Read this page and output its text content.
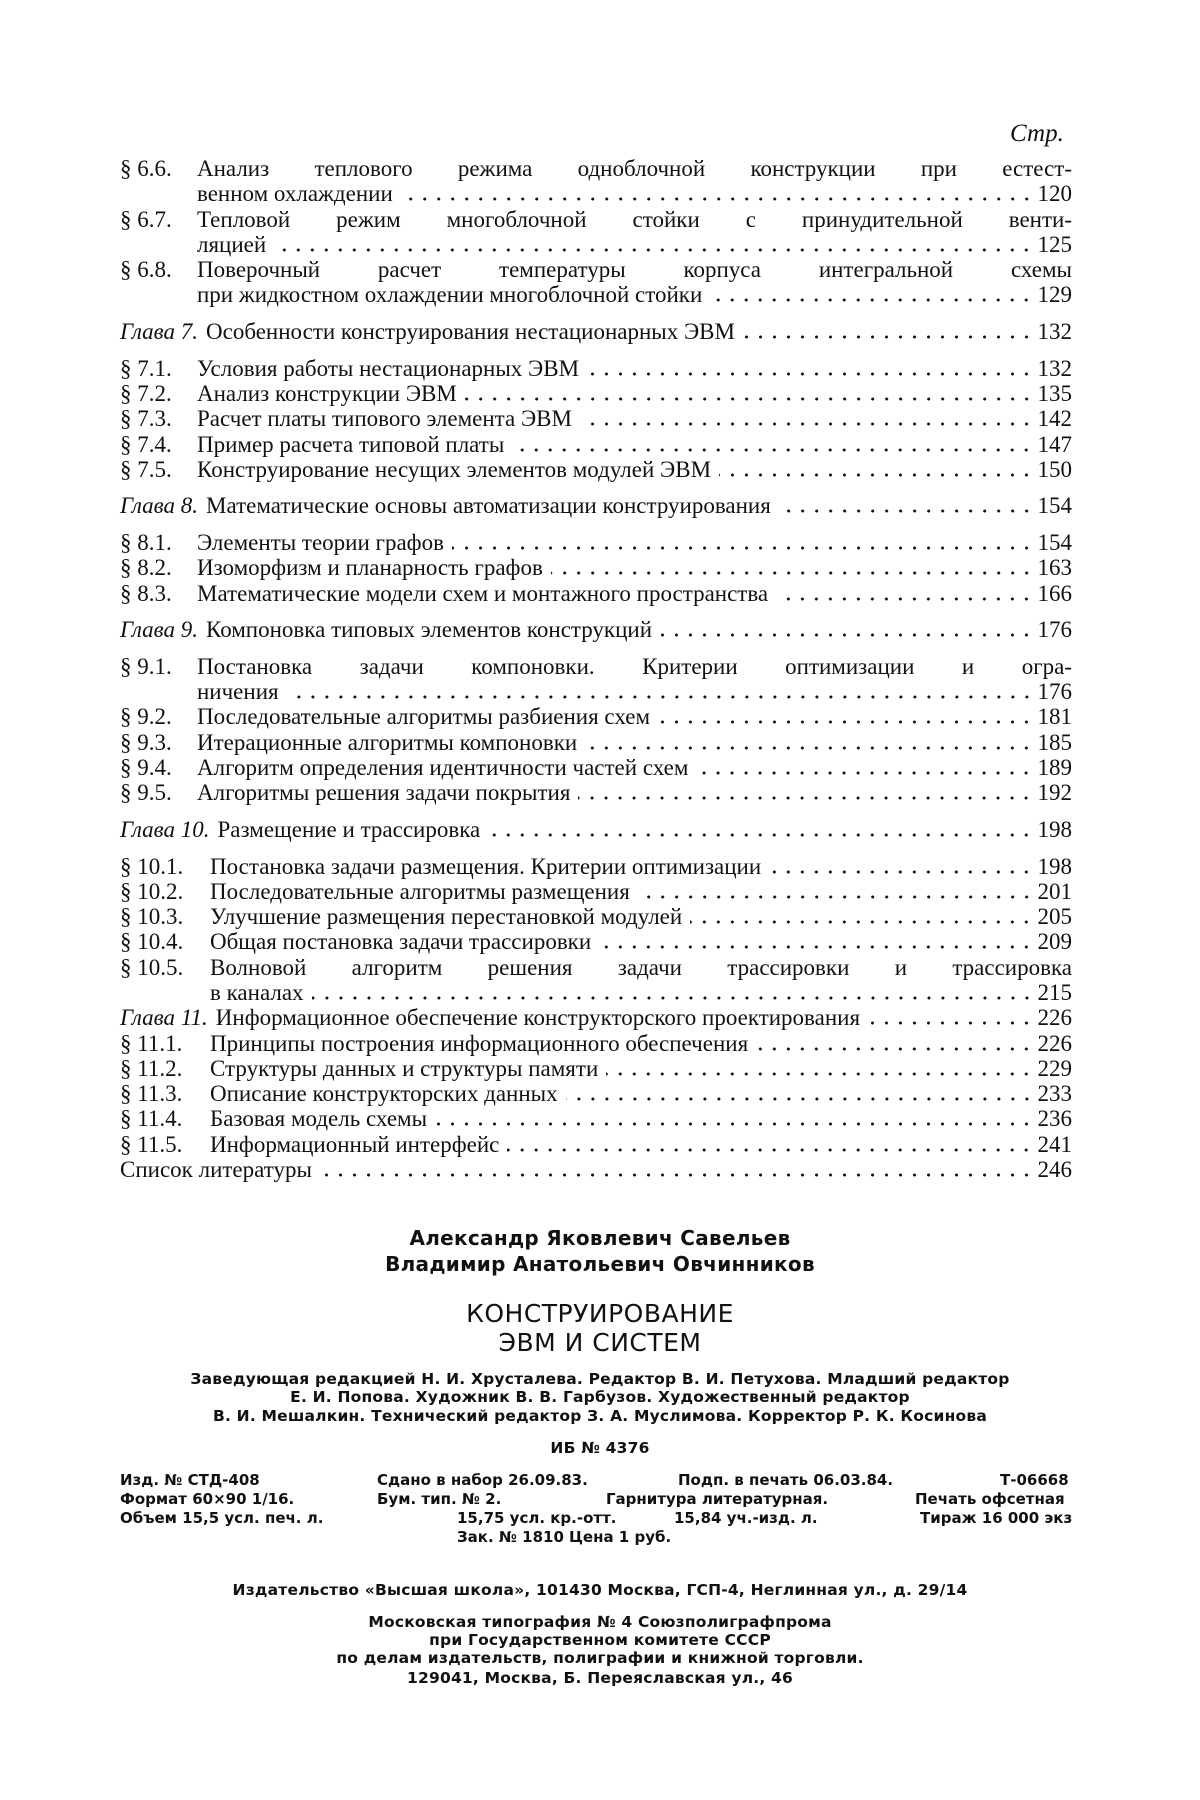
Стр.
§ 6.6. Анализ теплового режима одноблочной конструкции при естест-
венном охлаждении	120
§ 6.7. Тепловой режим многоблочной стойки с принудительной венти-
ляцией	125
§ 6.8. Поверочный расчет температуры корпуса интегральной схемы
при жидкостном охлаждении многоблочной стойки	129
Глава 7. Особенности конструирования нестационарных ЭВМ	132
§ 7.1. Условия работы нестационарных ЭВМ	132
§ 7.2. Анализ конструкции ЭВМ	135
§ 7.3. Расчет платы типового элемента ЭВМ	142
§ 7.4. Пример расчета типовой платы	147
§ 7.5. Конструирование несущих элементов модулей ЭВМ	150
Глава 8. Математические основы автоматизации конструирования	154
§ 8.1. Элементы теории графов	154
§ 8.2. Изоморфизм и планарность графов	163
§ 8.3. Математические модели схем и монтажного пространства	166
Глава 9. Компоновка типовых элементов конструкций	176
§ 9.1. Постановка задачи компоновки. Критерии оптимизации и огра-
ничения	176
§ 9.2. Последовательные алгоритмы разбиения схем	181
§ 9.3. Итерационные алгоритмы компоновки	185
§ 9.4. Алгоритм определения идентичности частей схем	189
§ 9.5. Алгоритмы решения задачи покрытия	192
Глава 10. Размещение и трассировка	198
§ 10.1. Постановка задачи размещения. Критерии оптимизации	198
§ 10.2. Последовательные алгоритмы размещения	201
§ 10.3. Улучшение размещения перестановкой модулей	205
§ 10.4. Общая постановка задачи трассировки	209
§ 10.5. Волновой алгоритм решения задачи трассировки и трассировка
в каналах	215
Глава 11. Информационное обеспечение конструкторского проектирования	226
§ 11.1. Принципы построения информационного обеспечения	226
§ 11.2. Структуры данных и структуры памяти	229
§ 11.3. Описание конструкторских данных	233
§ 11.4. Базовая модель схемы	236
§ 11.5. Информационный интерфейс	241
Список литературы	246
Александр Яковлевич Савельев
Владимир Анатольевич Овчинников
КОНСТРУИРОВАНИЕ
ЭВМ И СИСТЕМ
Заведующая редакцией Н. И. Хрусталева. Редактор В. И. Петухова. Младший редактор
Е. И. Попова. Художник В. В. Гарбузов. Художественный редактор
В. И. Мешалкин. Технический редактор З. А. Муслимова. Корректор Р. К. Косинова
ИБ № 4376
Изд. № СТД-408	Сдано в набор 26.09.83.	Подп. в печать 06.03.84.	Т-06668
Формат 60×90 1/16.	Бум. тип. № 2.	Гарнитура литературная.	Печать офсетная
Объем 15,5 усл. печ. л.	15,75 усл. кр.-отт.	15,84 уч.-изд. л.	Тираж 16 000 экз
Зак. № 1810 Цена 1 руб.
Издательство «Высшая школа», 101430 Москва, ГСП-4, Неглинная ул., д. 29/14
Московская типография № 4 Союзполиграфпрома
при Государственном комитете СССР
по делам издательств, полиграфии и книжной торговли.
129041, Москва, Б. Переяславская ул., 46
